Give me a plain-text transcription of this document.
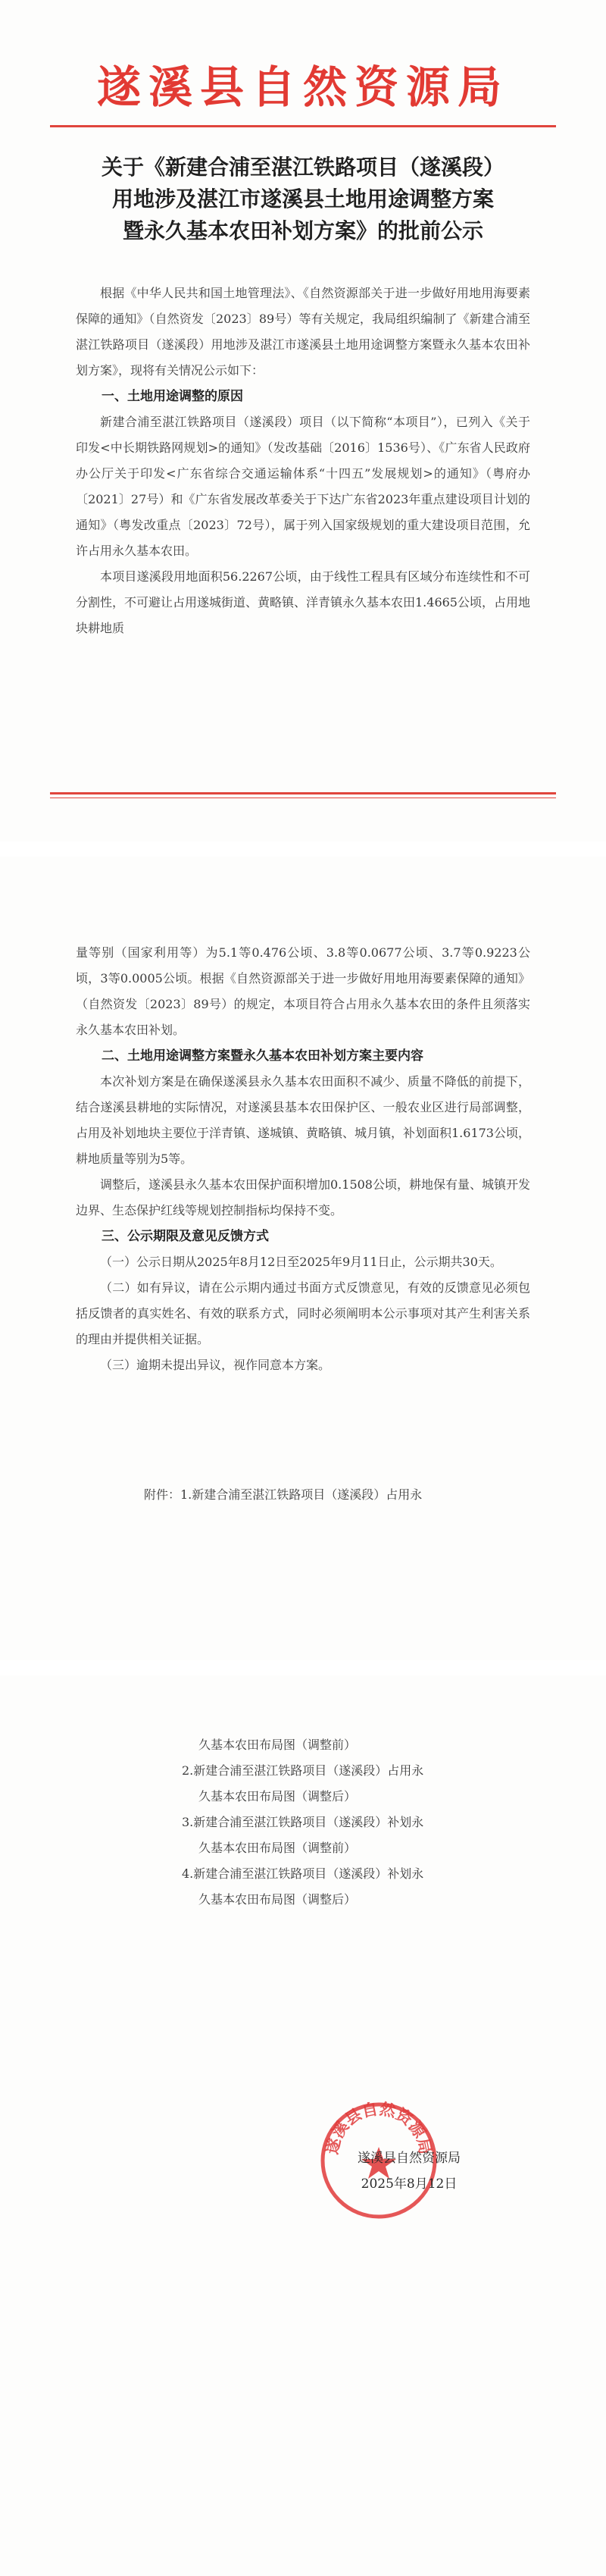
遂溪县自然资源局
关于《新建合浦至湛江铁路项目（遂溪段）
用地涉及湛江市遂溪县土地用途调整方案
暨永久基本农田补划方案》的批前公示

根据《中华人民共和国土地管理法》、《自然资源部关于进一步做好用地用海要素保障的通知》（自然资发〔2023〕89号）等有关规定，我局组织编制了《新建合浦至湛江铁路项目（遂溪段）用地涉及湛江市遂溪县土地用途调整方案暨永久基本农田补划方案》，现将有关情况公示如下：

一、土地用途调整的原因

新建合浦至湛江铁路项目（遂溪段）项目（以下简称“本项目”），已列入《关于印发<中长期铁路网规划>的通知》（发改基础〔2016〕1536号）、《广东省人民政府办公厅关于印发<广东省综合交通运输体系“十四五”发展规划>的通知》（粤府办〔2021〕27号）和《广东省发展改革委关于下达广东省2023年重点建设项目计划的通知》（粤发改重点〔2023〕72号），属于列入国家级规划的重大建设项目范围，允许占用永久基本农田。

本项目遂溪段用地面积56.2267公顷，由于线性工程具有区域分布连续性和不可分割性，不可避让占用遂城街道、黄略镇、洋青镇永久基本农田1.4665公顷，占用地块耕地质

量等别（国家利用等）为5.1等0.476公顷、3.8等0.0677公顷、3.7等0.9223公顷，3等0.0005公顷。根据《自然资源部关于进一步做好用地用海要素保障的通知》（自然资发〔2023〕89号）的规定，本项目符合占用永久基本农田的条件且须落实永久基本农田补划。

二、土地用途调整方案暨永久基本农田补划方案主要内容

本次补划方案是在确保遂溪县永久基本农田面积不减少、质量不降低的前提下，结合遂溪县耕地的实际情况，对遂溪县基本农田保护区、一般农业区进行局部调整，占用及补划地块主要位于洋青镇、遂城镇、黄略镇、城月镇，补划面积1.6173公顷，耕地质量等别为5等。

调整后，遂溪县永久基本农田保护面积增加0.1508公顷，耕地保有量、城镇开发边界、生态保护红线等规划控制指标均保持不变。

三、公示期限及意见反馈方式

（一）公示日期从2025年8月12日至2025年9月11日止，公示期共30天。

（二）如有异议，请在公示期内通过书面方式反馈意见，有效的反馈意见必须包括反馈者的真实姓名、有效的联系方式，同时必须阐明本公示事项对其产生利害关系的理由并提供相关证据。

（三）逾期未提出异议，视作同意本方案。

附件：1.新建合浦至湛江铁路项目（遂溪段）占用永
久基本农田布局图（调整前）
2.新建合浦至湛江铁路项目（遂溪段）占用永
久基本农田布局图（调整后）
3.新建合浦至湛江铁路项目（遂溪段）补划永
久基本农田布局图（调整前）
4.新建合浦至湛江铁路项目（遂溪段）补划永
久基本农田布局图（调整后）
遂溪县自然资源局
遂溪县自然资源局
2025年8月12日
